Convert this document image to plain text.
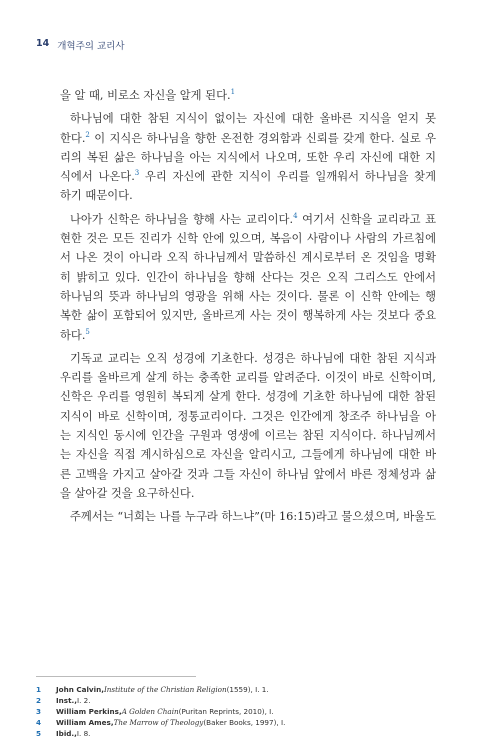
14 개혁주의 교리사
을 알 때, 비로소 자신을 알게 된다.$^1$
하나님에 대한 참된 지식이 없이는 자신에 대한 올바른 지식을 얻지 못
한다.$^2$ 이 지식은 하나님을 향한 온전한 경외함과 신뢰를 갖게 한다. 실로 우
리의 복된 삶은 하나님을 아는 지식에서 나오며, 또한 우리 자신에 대한 지
식에서 나온다.$^3$ 우리 자신에 관한 지식이 우리를 일깨워서 하나님을 찾게
하기 때문이다.
나아가 신학은 하나님을 향해 사는 교리이다.$^4$ 여기서 신학을 교리라고 표
현한 것은 모든 진리가 신학 안에 있으며, 복음이 사람이나 사람의 가르침에
서 나온 것이 아니라 오직 하나님께서 말씀하신 계시로부터 온 것임을 명확
히 밝히고 있다. 인간이 하나님을 향해 산다는 것은 오직 그리스도 안에서
하나님의 뜻과 하나님의 영광을 위해 사는 것이다. 물론 이 신학 안에는 행
복한 삶이 포함되어 있지만, 올바르게 사는 것이 행복하게 사는 것보다 중요
하다.$^5$
기독교 교리는 오직 성경에 기초한다. 성경은 하나님에 대한 참된 지식과
우리를 올바르게 살게 하는 충족한 교리를 알려준다. 이것이 바로 신학이며,
신학은 우리를 영원히 복되게 살게 한다. 성경에 기초한 하나님에 대한 참된
지식이 바로 신학이며, 정통교리이다. 그것은 인간에게 창조주 하나님을 아
는 지식인 동시에 인간을 구원과 영생에 이르는 참된 지식이다. 하나님께서
는 자신을 직접 계시하심으로 자신을 알리시고, 그들에게 하나님에 대한 바
른 고백을 가지고 살아갈 것과 그들 자신이 하나님 앞에서 바른 정체성과 삶
을 살아갈 것을 요구하신다.
주께서는 “너희는 나를 누구라 하느냐”(마 16:15)라고 물으셨으며, 바울도
1	John Calvin, Institute of the Christian Religion (1559), Ⅰ. 1.
2	Inst., Ⅰ. 2.
3	William Perkins, A Golden Chain (Puritan Reprints, 2010), Ⅰ.
4	William Ames, The Marrow of Theology (Baker Books, 1997), Ⅰ.
5	Ibid., Ⅰ. 8.
